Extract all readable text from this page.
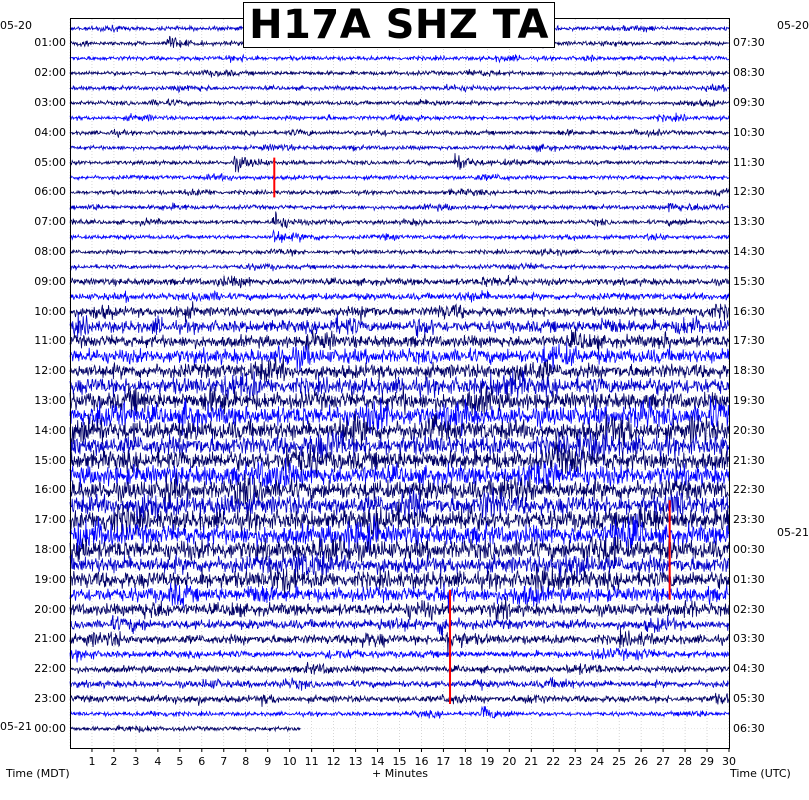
H17A SHZ TA
05-20
05-21
05-20
05-21
01:00
02:00
03:00
04:00
05:00
06:00
07:00
08:00
09:00
10:00
11:00
12:00
13:00
14:00
15:00
16:00
17:00
18:00
19:00
20:00
21:00
22:00
23:00
00:00
07:30
08:30
09:30
10:30
11:30
12:30
13:30
14:30
15:30
16:30
17:30
18:30
19:30
20:30
21:30
22:30
23:30
00:30
01:30
02:30
03:30
04:30
05:30
06:30
1	2	3	4	5	6	7	8	9	10 11 12 13 14 15 16 17 18 19 20 21 22 23 24 25 26 27 28 29 30
Time (MDT)	+ Minutes	Time (UTC)
